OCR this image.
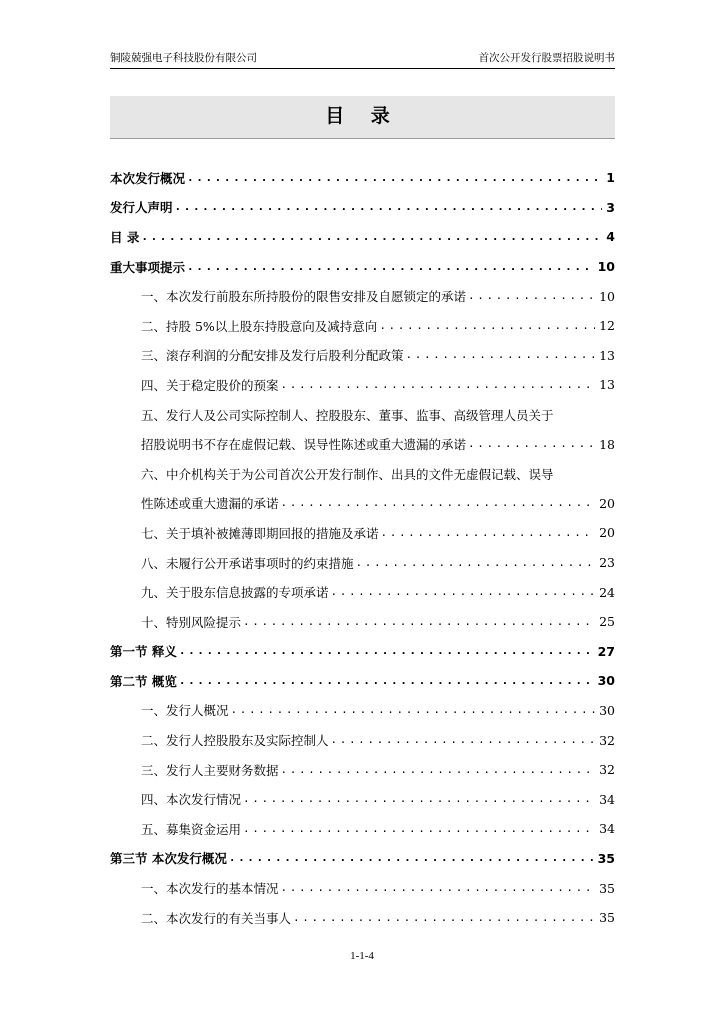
铜陵兢强电子科技股份有限公司	首次公开发行股票招股说明书
目 录
本次发行概况 .....	1
发行人声明 .....	3
目 录 .....	4
重大事项提示 .....	10
一、本次发行前股东所持股份的限售安排及自愿锁定的承诺 .....	10
二、持股 5%以上股东持股意向及减持意向 .....	12
三、滚存利润的分配安排及发行后股利分配政策 .....	13
四、关于稳定股价的预案 .....	13
五、发行人及公司实际控制人、控股股东、董事、监事、高级管理人员关于
招股说明书不存在虚假记载、误导性陈述或重大遗漏的承诺 .....	18
六、中介机构关于为公司首次公开发行制作、出具的文件无虚假记载、误导
性陈述或重大遗漏的承诺 .....	20
七、关于填补被摊薄即期回报的措施及承诺 .....	20
八、未履行公开承诺事项时的约束措施 .....	23
九、关于股东信息披露的专项承诺 .....	24
十、特别风险提示 .....	25
第一节 释义 .....	27
第二节 概览 .....	30
一、发行人概况 .....	30
二、发行人控股股东及实际控制人 .....	32
三、发行人主要财务数据 .....	32
四、本次发行情况 .....	34
五、募集资金运用 .....	34
第三节 本次发行概况 .....	35
一、本次发行的基本情况 .....	35
二、本次发行的有关当事人 .....	35
1-1-4
